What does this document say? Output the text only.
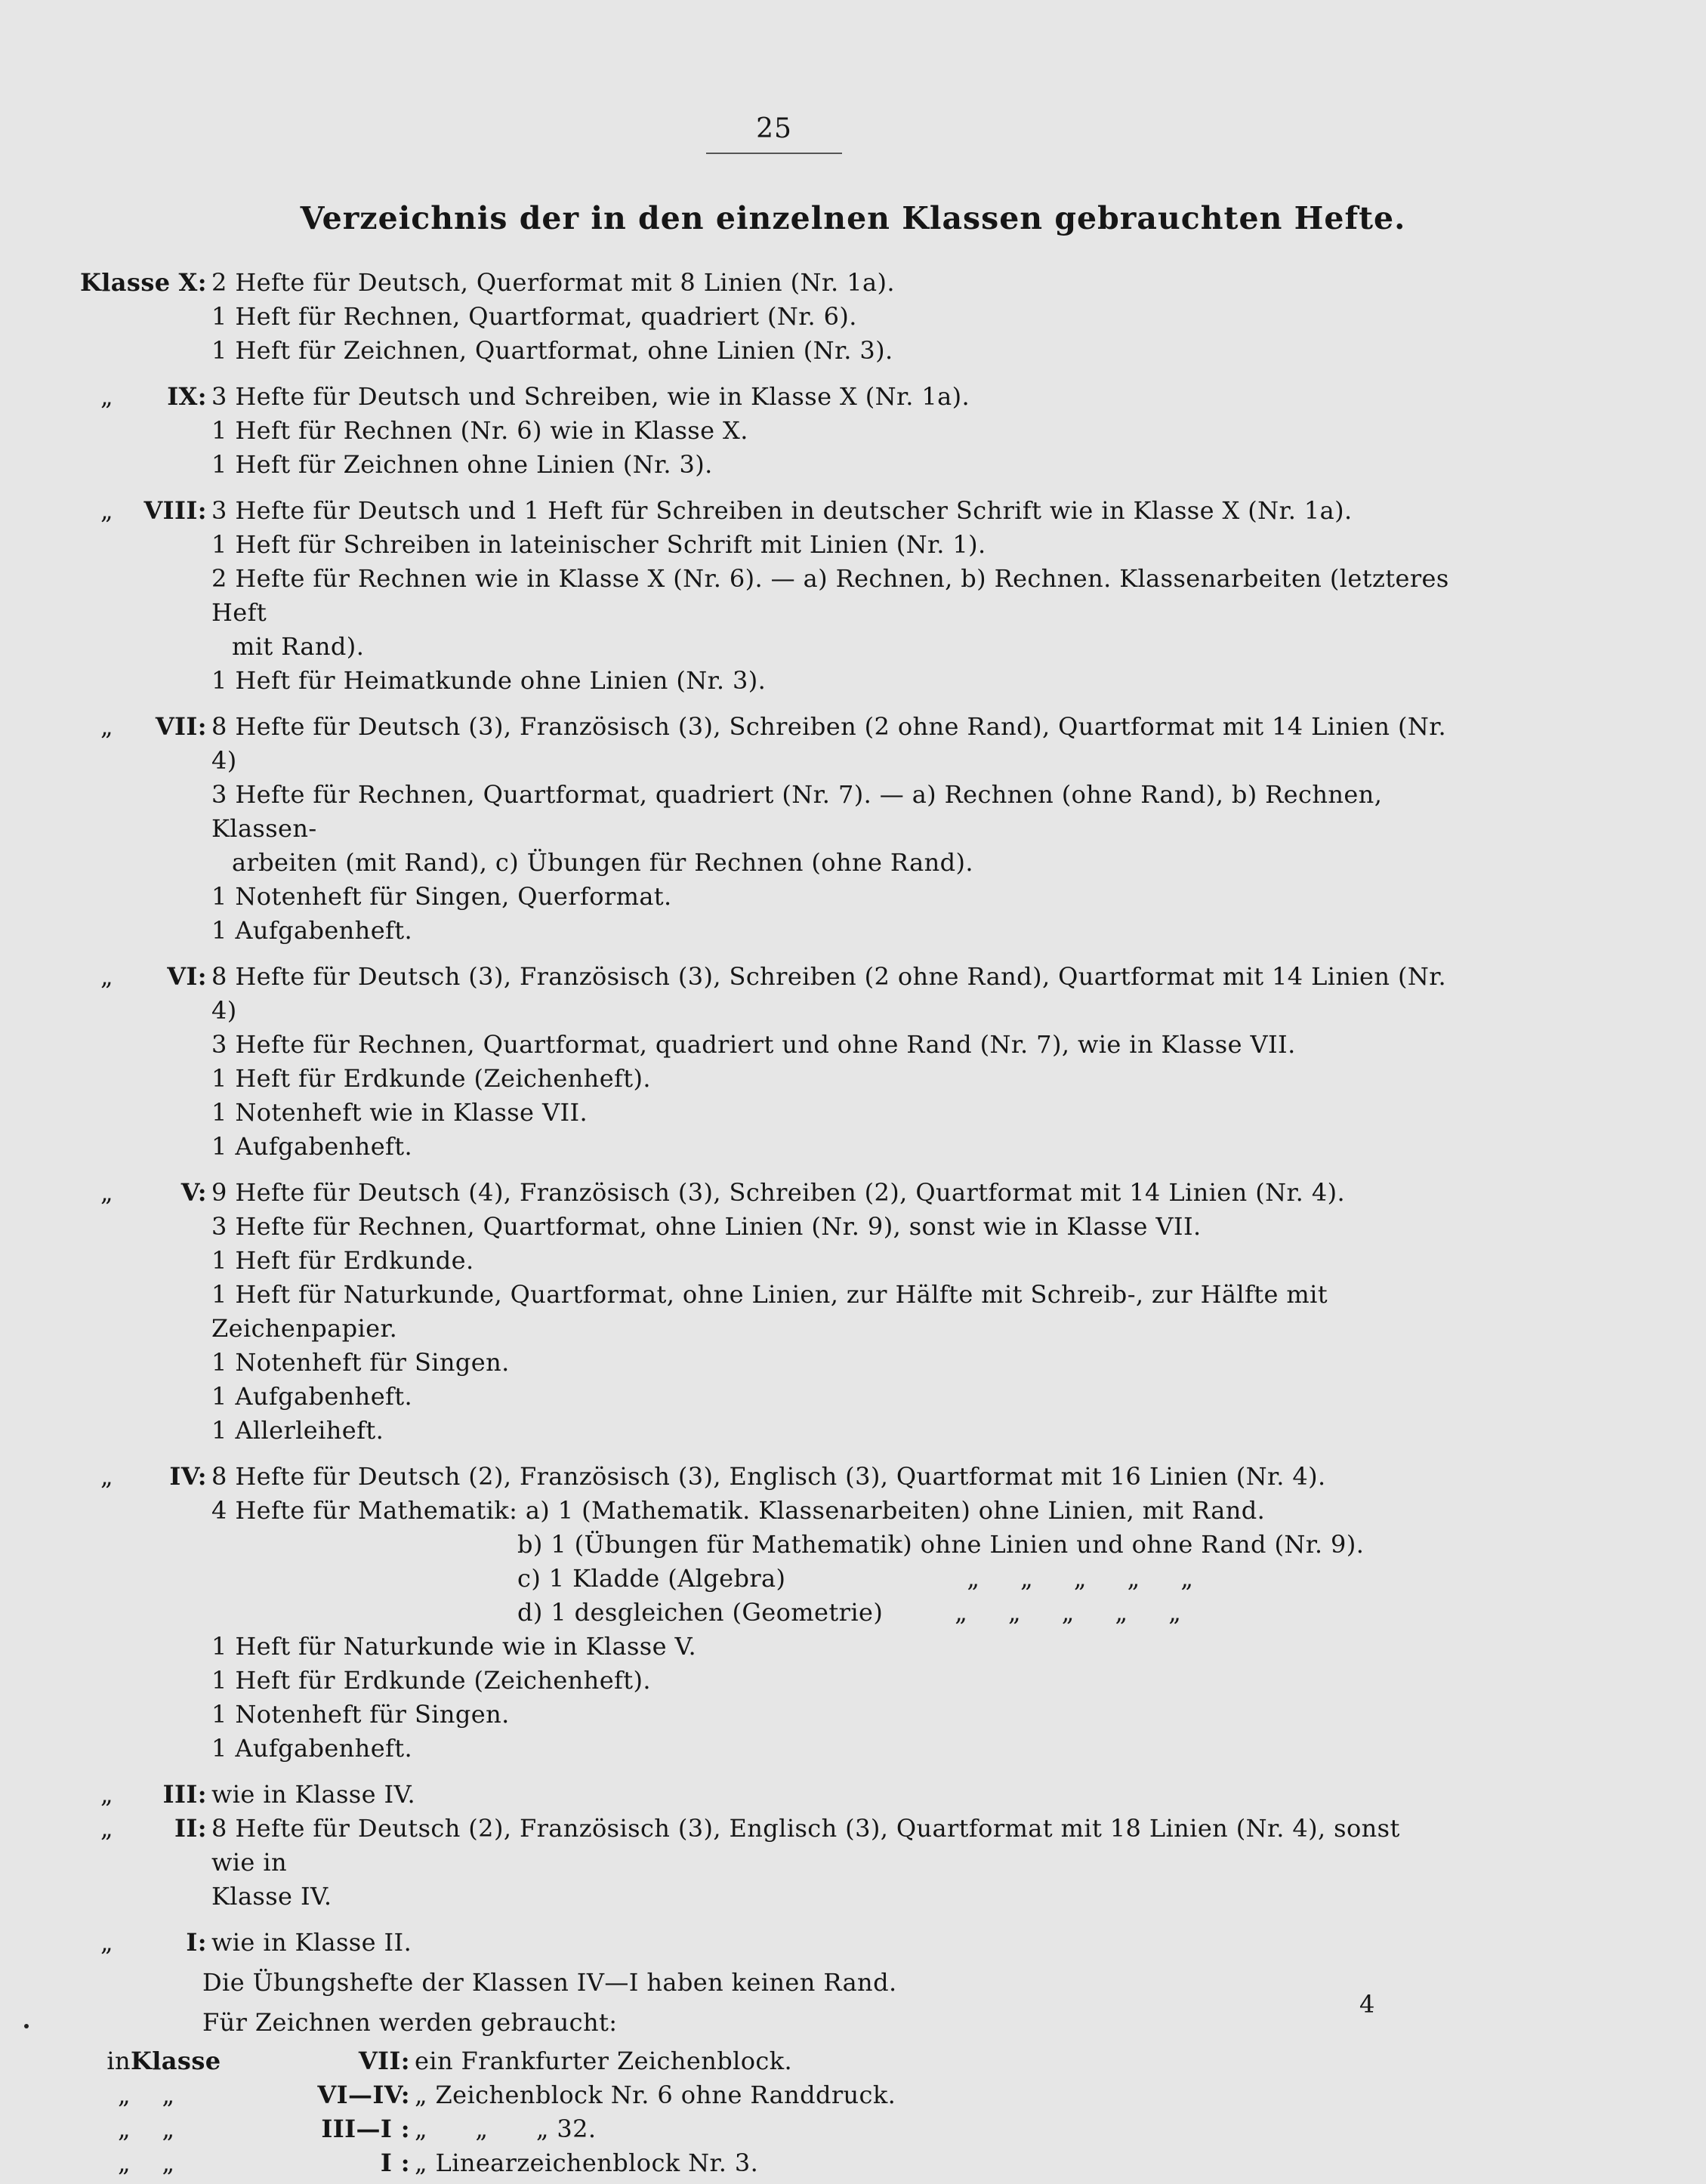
25
Verzeichnis der in den einzelnen Klassen gebrauchten Hefte.
Klasse X: 2 Hefte für Deutsch, Querformat mit 8 Linien (Nr. 1a).
1 Heft für Rechnen, Quartformat, quadriert (Nr. 6).
1 Heft für Zeichnen, Quartformat, ohne Linien (Nr. 3).
„	IX: 3 Hefte für Deutsch und Schreiben, wie in Klasse X (Nr. 1a).
1 Heft für Rechnen (Nr. 6) wie in Klasse X.
1 Heft für Zeichnen ohne Linien (Nr. 3).
„	VIII: 3 Hefte für Deutsch und 1 Heft für Schreiben in deutscher Schrift wie in Klasse X (Nr. 1a).
1 Heft für Schreiben in lateinischer Schrift mit Linien (Nr. 1).
2 Hefte für Rechnen wie in Klasse X (Nr. 6). — a) Rechnen, b) Rechnen. Klassenarbeiten (letzteres Heft
mit Rand).
1 Heft für Heimatkunde ohne Linien (Nr. 3).
„	VII: 8 Hefte für Deutsch (3), Französisch (3), Schreiben (2 ohne Rand), Quartformat mit 14 Linien (Nr. 4)
3 Hefte für Rechnen, Quartformat, quadriert (Nr. 7). — a) Rechnen (ohne Rand), b) Rechnen, Klassen-
arbeiten (mit Rand), c) Übungen für Rechnen (ohne Rand).
1 Notenheft für Singen, Querformat.
1 Aufgabenheft.
„	VI: 8 Hefte für Deutsch (3), Französisch (3), Schreiben (2 ohne Rand), Quartformat mit 14 Linien (Nr. 4)
3 Hefte für Rechnen, Quartformat, quadriert und ohne Rand (Nr. 7), wie in Klasse VII.
1 Heft für Erdkunde (Zeichenheft).
1 Notenheft wie in Klasse VII.
1 Aufgabenheft.
„	V: 9 Hefte für Deutsch (4), Französisch (3), Schreiben (2), Quartformat mit 14 Linien (Nr. 4).
3 Hefte für Rechnen, Quartformat, ohne Linien (Nr. 9), sonst wie in Klasse VII.
1 Heft für Erdkunde.
1 Heft für Naturkunde, Quartformat, ohne Linien, zur Hälfte mit Schreib-, zur Hälfte mit Zeichenpapier.
1 Notenheft für Singen.
1 Aufgabenheft.
1 Allerleiheft.
„	IV: 8 Hefte für Deutsch (2), Französisch (3), Englisch (3), Quartformat mit 16 Linien (Nr. 4).
4 Hefte für Mathematik: a) 1 (Mathematik. Klassenarbeiten) ohne Linien, mit Rand.
b) 1 (Übungen für Mathematik) ohne Linien und ohne Rand (Nr. 9).
c) 1 Kladde (Algebra)	„ „ „ „ „
d) 1 desgleichen (Geometrie)	„ „ „ „ „
1 Heft für Naturkunde wie in Klasse V.
1 Heft für Erdkunde (Zeichenheft).
1 Notenheft für Singen.
1 Aufgabenheft.
„	III: wie in Klasse IV.
„	II: 8 Hefte für Deutsch (2), Französisch (3), Englisch (3), Quartformat mit 18 Linien (Nr. 4), sonst wie in
Klasse IV.
„	I: wie in Klasse II.
Die Übungshefte der Klassen IV—I haben keinen Rand.
Für Zeichnen werden gebraucht:
in Klasse	VII: ein Frankfurter Zeichenblock.
„	„	VI—IV: „ Zeichenblock Nr. 6 ohne Randdruck.
„	„	III—I : „      „      „ 32.
„	„	I : „ Linearzeichenblock Nr. 3.
4
